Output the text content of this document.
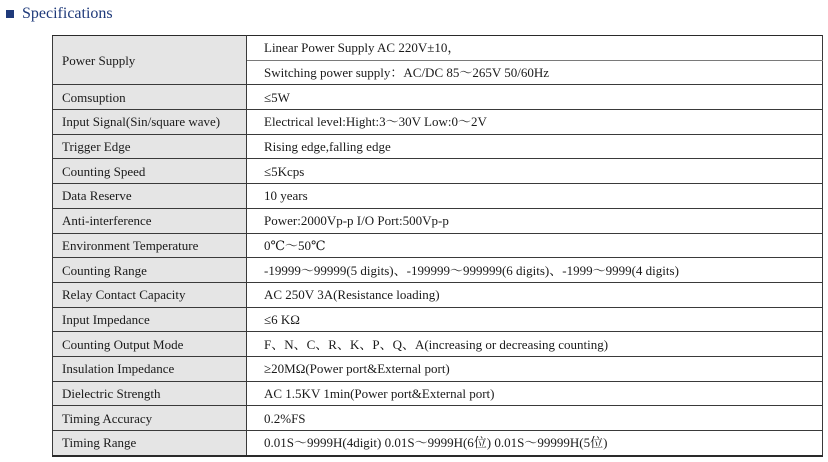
Specifications
Power Supply	Linear Power Supply AC 220V±10，
	Switching power supply：AC/DC 85～265V 50/60Hz
Comsuption	≤5W
Input Signal(Sin/square wave)	Electrical level:Hight:3～30V Low:0～2V
Trigger Edge	Rising edge,falling edge
Counting Speed	≤5Kcps
Data Reserve	10 years
Anti-interference	Power:2000Vp-p I/O Port:500Vp-p
Environment Temperature	0℃～50℃
Counting Range	-19999～99999(5 digits)、-199999～999999(6 digits)、-1999～9999(4 digits)
Relay Contact Capacity	AC 250V 3A(Resistance loading)
Input Impedance	≤6 KΩ
Counting Output Mode	F、N、C、R、K、P、Q、A(increasing or decreasing counting)
Insulation Impedance	≥20MΩ(Power port&External port)
Dielectric Strength	AC 1.5KV 1min(Power port&External port)
Timing Accuracy	0.2%FS
Timing Range	0.01S～9999H(4digit) 0.01S～9999H(6位) 0.01S～99999H(5位)
